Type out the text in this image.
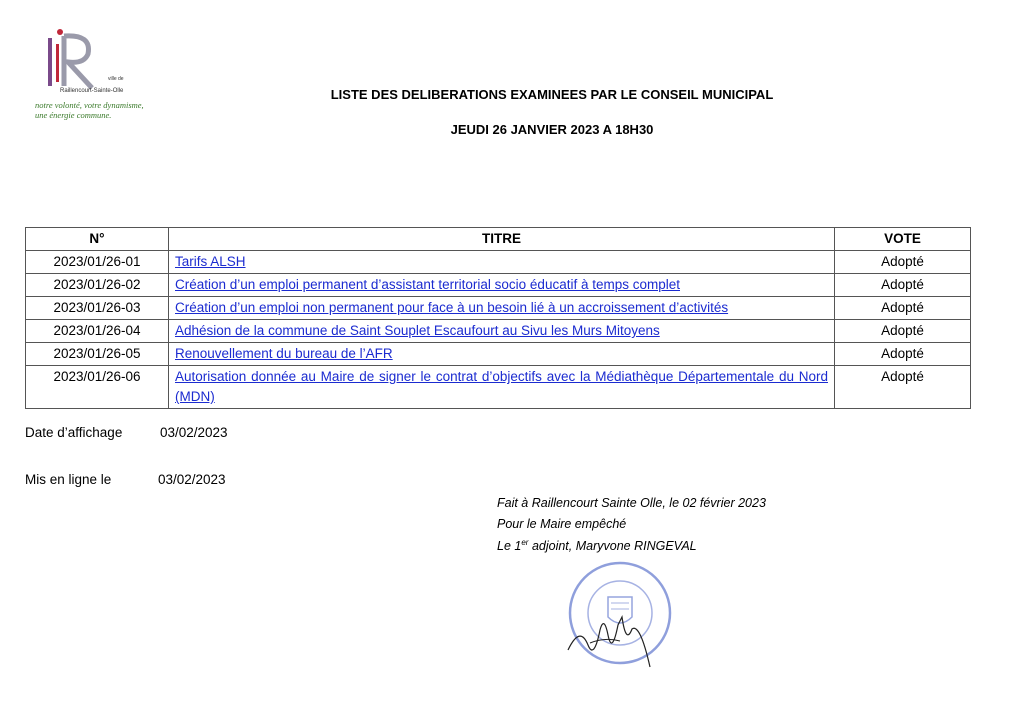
ville de
Raillencourt-Sainte-Olle
notre volonté, votre dynamisme,
une énergie commune.
LISTE DES DELIBERATIONS EXAMINEES PAR LE CONSEIL MUNICIPAL
JEUDI 26 JANVIER 2023 A 18H30
N°	TITRE	VOTE
2023/01/26-01	Tarifs ALSH	Adopté
2023/01/26-02	Création d’un emploi permanent d’assistant territorial socio éducatif à temps complet	Adopté
2023/01/26-03	Création d’un emploi non permanent pour face à un besoin lié à un accroissement d’activités	Adopté
2023/01/26-04	Adhésion de la commune de Saint Souplet Escaufourt au Sivu les Murs Mitoyens	Adopté
2023/01/26-05	Renouvellement du bureau de l’AFR	Adopté
2023/01/26-06	Autorisation donnée au Maire de signer le contrat d’objectifs avec la Médiathèque Départementale du Nord (MDN)	Adopté
Date d’affichage	03/02/2023
Mis en ligne le	03/02/2023
Fait à Raillencourt Sainte Olle, le 02 février 2023
Pour le Maire empêché
Le 1er adjoint, Maryvone RINGEVAL
